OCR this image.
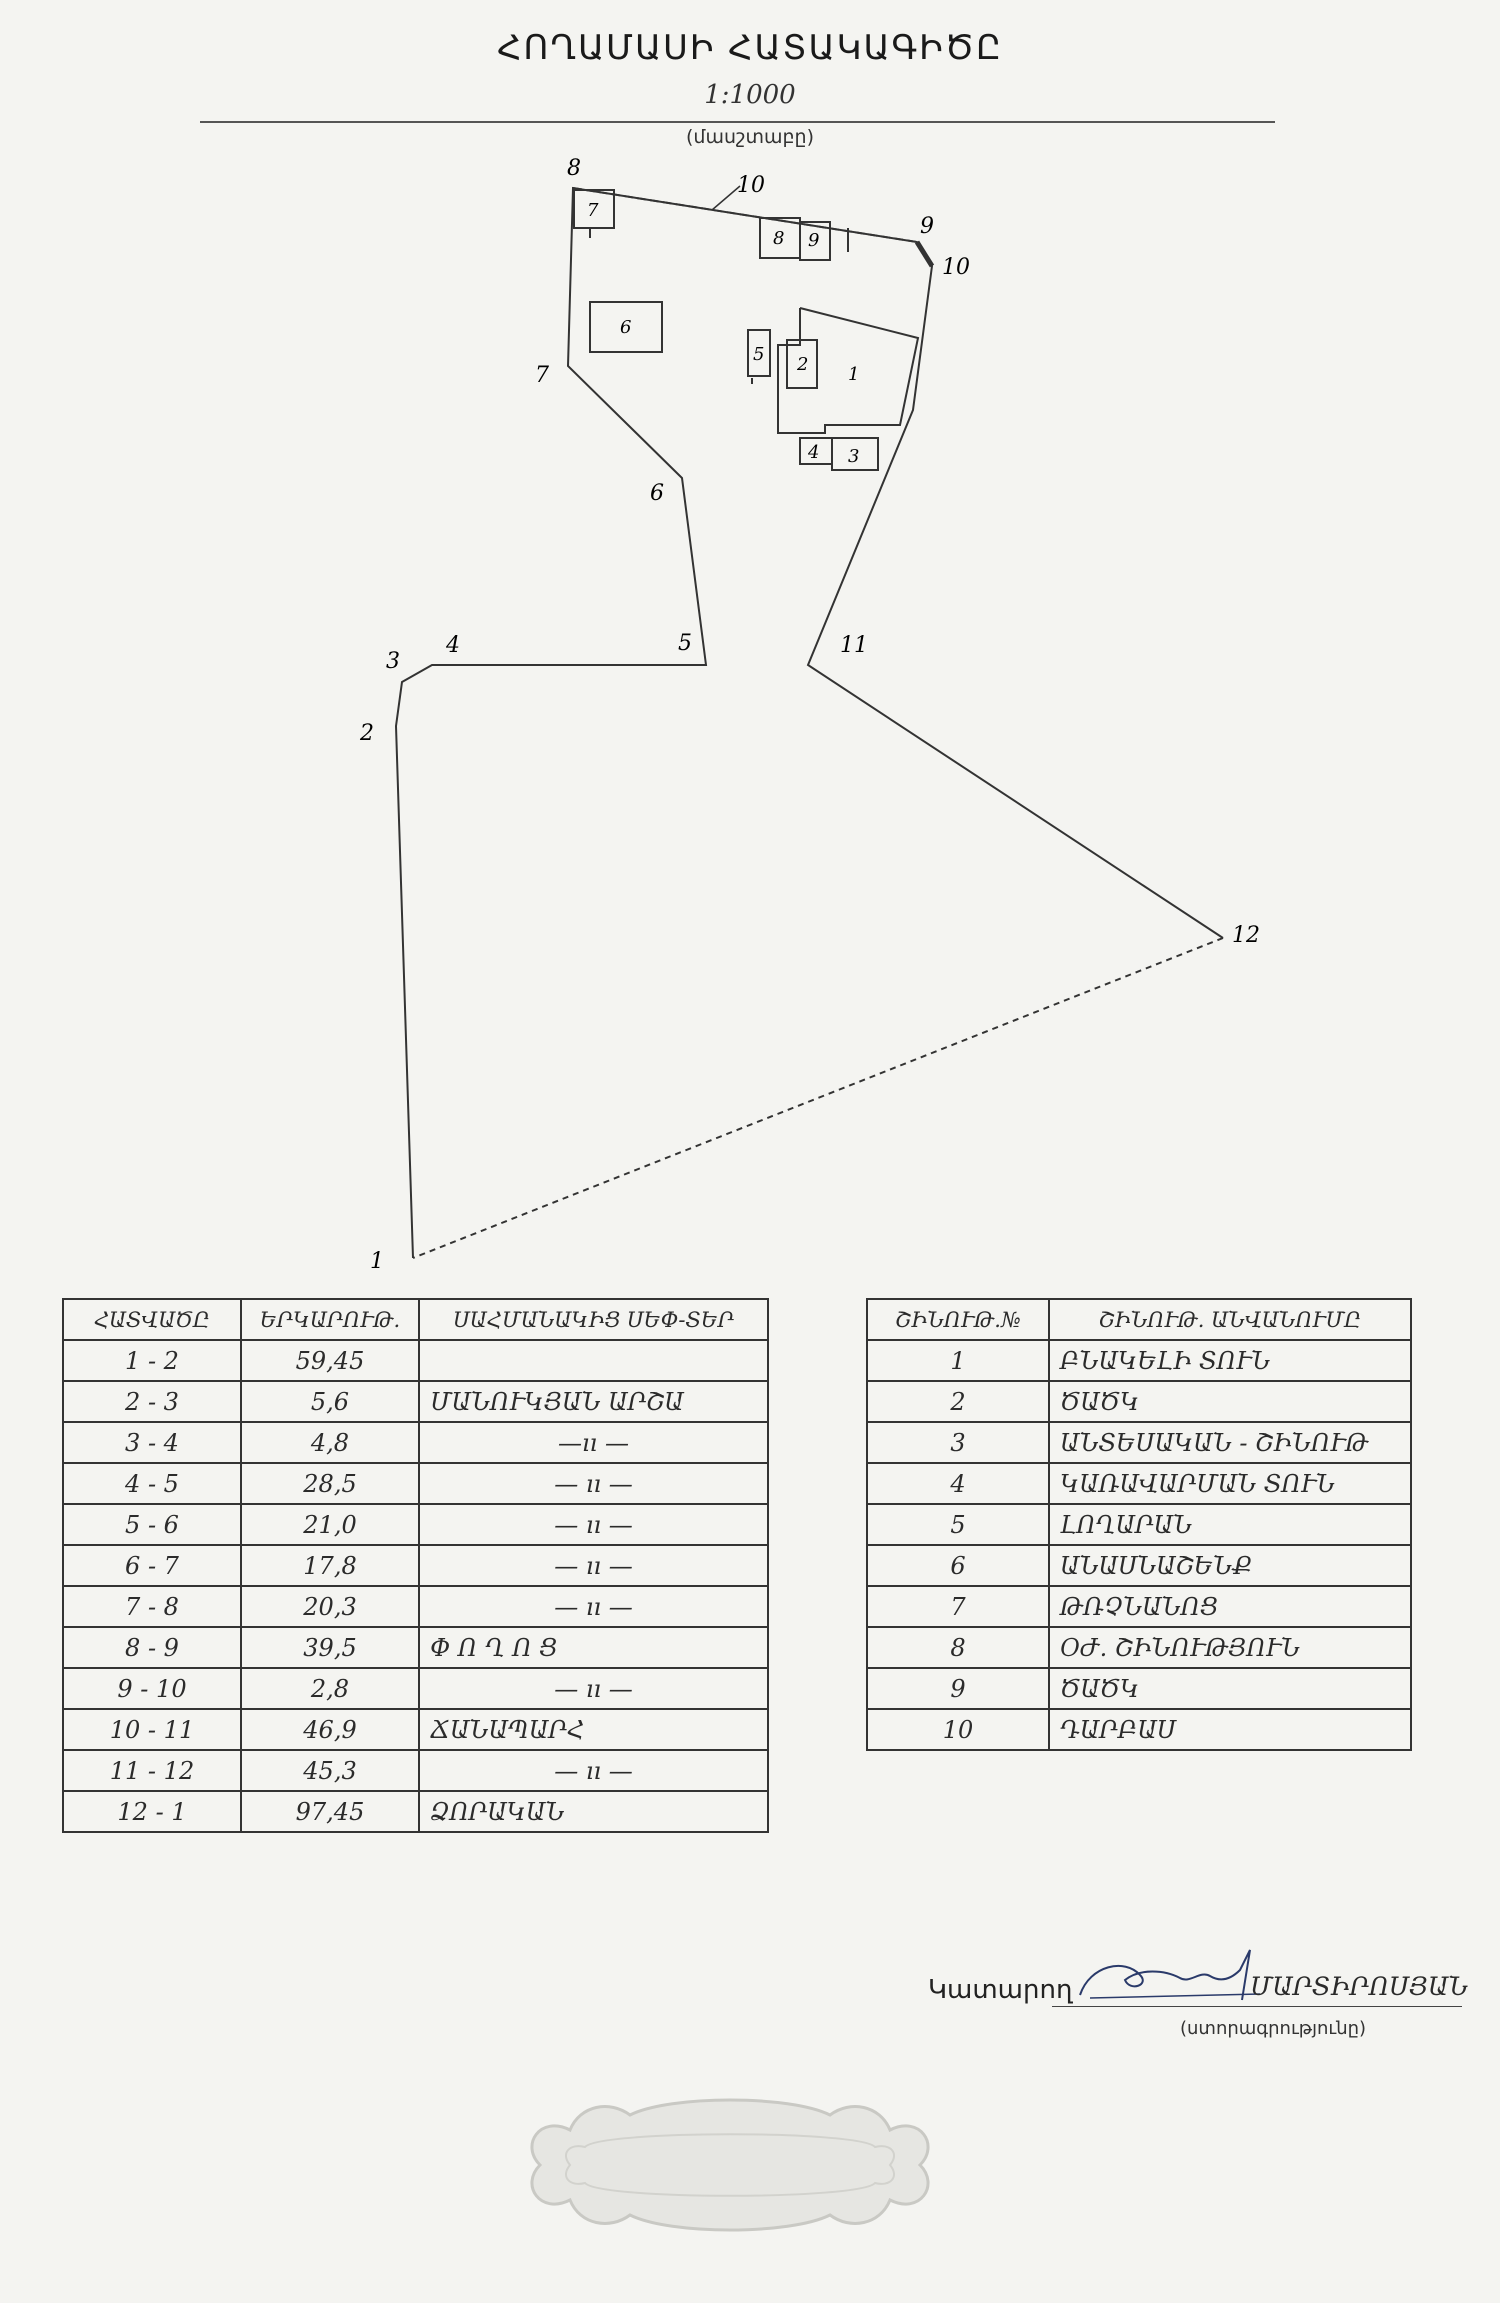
ՀՈՂԱՄԱՍԻ ՀԱՏԱԿԱԳԻԾԸ
1:1000
(մասշտաբը)
1
2
3
4	5
6
7
8
9
10
11
12
10
7
8 9
6
5 2 1
4 3
ՀԱՏՎԱԾԸ	ԵՐԿԱՐՈՒԹ.	ՍԱՀՄԱՆԱԿԻՑ ՍԵՓ-ՏԵՐ
1 - 2	59,45	
2 - 3	5,6	ՄԱՆՈՒԿՅԱՆ ԱՐՇԱ
3 - 4	4,8	—ıı —
4 - 5	28,5	— ıı —
5 - 6	21,0	— ıı —
6 - 7	17,8	— ıı —
7 - 8	20,3	— ıı —
8 - 9	39,5	Փ Ո Ղ Ո Ց
9 - 10	2,8	— ıı —
10 - 11	46,9	ՃԱՆԱՊԱՐՀ
11 - 12	45,3	— ıı —
12 - 1	97,45	ՁՈՐԱԿԱՆ
ՇԻՆՈՒԹ.№	ՇԻՆՈՒԹ. ԱՆՎԱՆՈՒՄԸ
1	ԲՆԱԿԵԼԻ ՏՈՒՆ
2	ԾԱԾԿ
3	ԱՆՏԵՍԱԿԱՆ - ՇԻՆՈՒԹ
4	ԿԱՌԱՎԱՐՄԱՆ ՏՈՒՆ
5	ԼՈՂԱՐԱՆ
6	ԱՆԱՍՆԱՇԵՆՔ
7	ԹՌՉՆԱՆՈՑ
8	ՕԺ. ՇԻՆՈՒԹՅՈՒՆ
9	ԾԱԾԿ
10	ԴԱՐԲԱՍ
Կատարող	ՄԱՐՏԻՐՈՍՅԱՆ
(ստորագրությունը)
